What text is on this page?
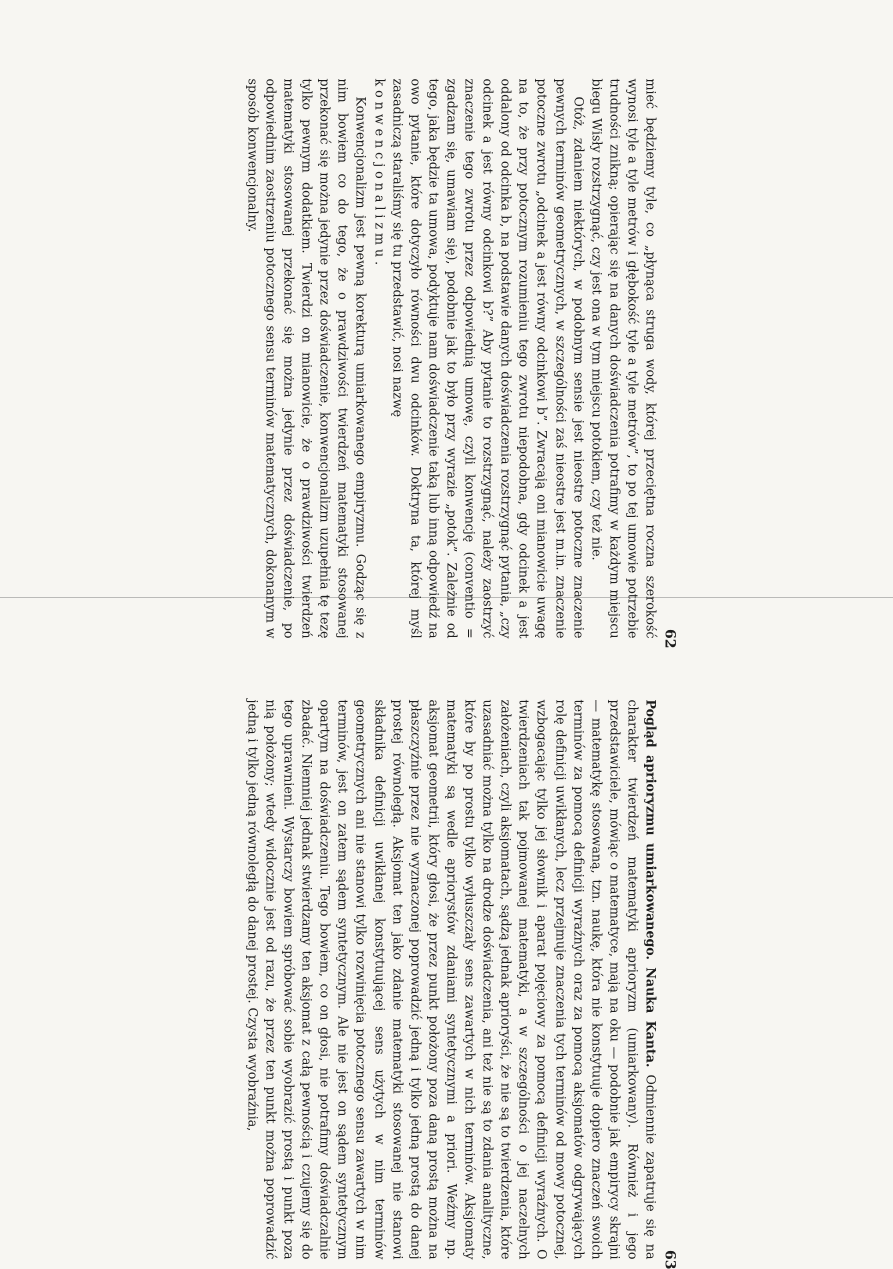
62

mieć będziemy tyle, co „płynąca struga wody, której przeciętna roczna szerokość wynosi tyle a tyle metrów i głębokość tyle a tyle metrów”, to po tej umowie potrzebie trudności znikną; opierając się na danych doświadczenia potrafimy w każdym miejscu biegu Wisły rozstrzygnąć, czy jest ona w tym miejscu potokiem, czy też nie.

Otóż, zdaniem niektórych, w podobnym sensie jest nieostre potoczne znaczenie pewnych terminów geometrycznych, w szczególności zaś nieostre jest m.in. znaczenie potoczne zwrotu „odcinek a jest równy odcinkowi b”. Zwracają oni mianowicie uwagę na to, że przy potocznym rozumieniu tego zwrotu niepodobna, gdy odcinek a jest oddalony od odcinka b, na podstawie danych doświadczenia rozstrzygnąć pytania, „czy odcinek a jest równy odcinkowi b?” Aby pytanie to rozstrzygnąć, należy zaostrzyć znaczenie tego zwrotu przez odpowiednią umowę, czyli konwencję (conventio = zgadzam się, umawiam się), podobnie jak to było przy wyrazie „potok”. Zależnie od tego, jaka będzie ta umowa, podyktuje nam doświadczenie taką lub inną odpowiedź na owo pytanie, które dotyczyło równości dwu odcinków. Doktryna ta, której myśl zasadniczą staraliśmy się tu przedstawić, nosi nazwę

konwencjonalizmu.

Konwencjonalizm jest pewną korekturą umiarkowanego empiryzmu. Godząc się z nim bowiem co do tego, że o prawdziwości twierdzeń matematyki stosowanej przekonać się można jedynie przez doświadczenie, konwencjonalizm uzupełnia tę tezę tylko pewnym dodatkiem. Twierdzi on mianowicie, że o prawdziwości twierdzeń matematyki stosowanej przekonać się można jedynie przez doświadczenie, po odpowiednim zaostrzeniu potocznego sensu terminów matematycznych, dokonanym w sposób konwencjonalny.

63

Pogląd aprioryzmu umiarkowanego. Nauka Kanta. Odmiennie zapatruje się na charakter twierdzeń matematyki aprioryzm (umiarkowany). Również i jego przedstawiciele, mówiąc o matematyce, mają na oku — podobnie jak empirycy skrajni — matematykę stosowaną, tzn. naukę, która nie konstytuuje dopiero znaczeń swoich terminów za pomocą definicji wyraźnych oraz za pomocą aksjomatów odgrywających rolę definicji uwikłanych, lecz przejmuje znaczenia tych terminów od mowy potocznej, wzbogacając tylko jej słownik i aparat pojęciowy za pomocą definicji wyraźnych. O twierdzeniach tak pojmowanej matematyki, a w szczególności o jej naczelnych założeniach, czyli aksjomatach, sądzą jednak aprioryści, że nie są to twierdzenia, które uzasadniać można tylko na drodze doświadczenia, ani też nie są to zdania analityczne, które by po prostu tylko wyłuszczały sens zawartych w nich terminów. Aksjomaty matematyki są wedle apriorystów zdaniami syntetycznymi a priori. Weźmy np. aksjomat geometrii, który głosi, że przez punkt położony poza daną prostą można na płaszczyźnie przez nie wyznaczonej poprowadzić jedną i tylko jedną prostą do danej prostej równoległą. Aksjomat ten jako zdanie matematyki stosowanej nie stanowi składnika definicji uwikłanej konstytuującej sens użytych w nim terminów geometrycznych ani nie stanowi tylko rozwinięcia potocznego sensu zawartych w nim terminów, jest on zatem sądem syntetycznym. Ale nie jest on sądem syntetycznym opartym na doświadczeniu. Tego bowiem, co on głosi, nie potrafimy doświadczalnie zbadać. Niemniej jednak stwierdzamy ten aksjomat z całą pewnością i czujemy się do tego uprawnieni. Wystarczy bowiem spróbować sobie wyobrazić prostą i punkt poza nią położony; wtedy widocznie jest od razu, że przez ten punkt można poprowadzić jedną i tylko jedną równoległą do danej prostej. Czysta wyobraźnia,
